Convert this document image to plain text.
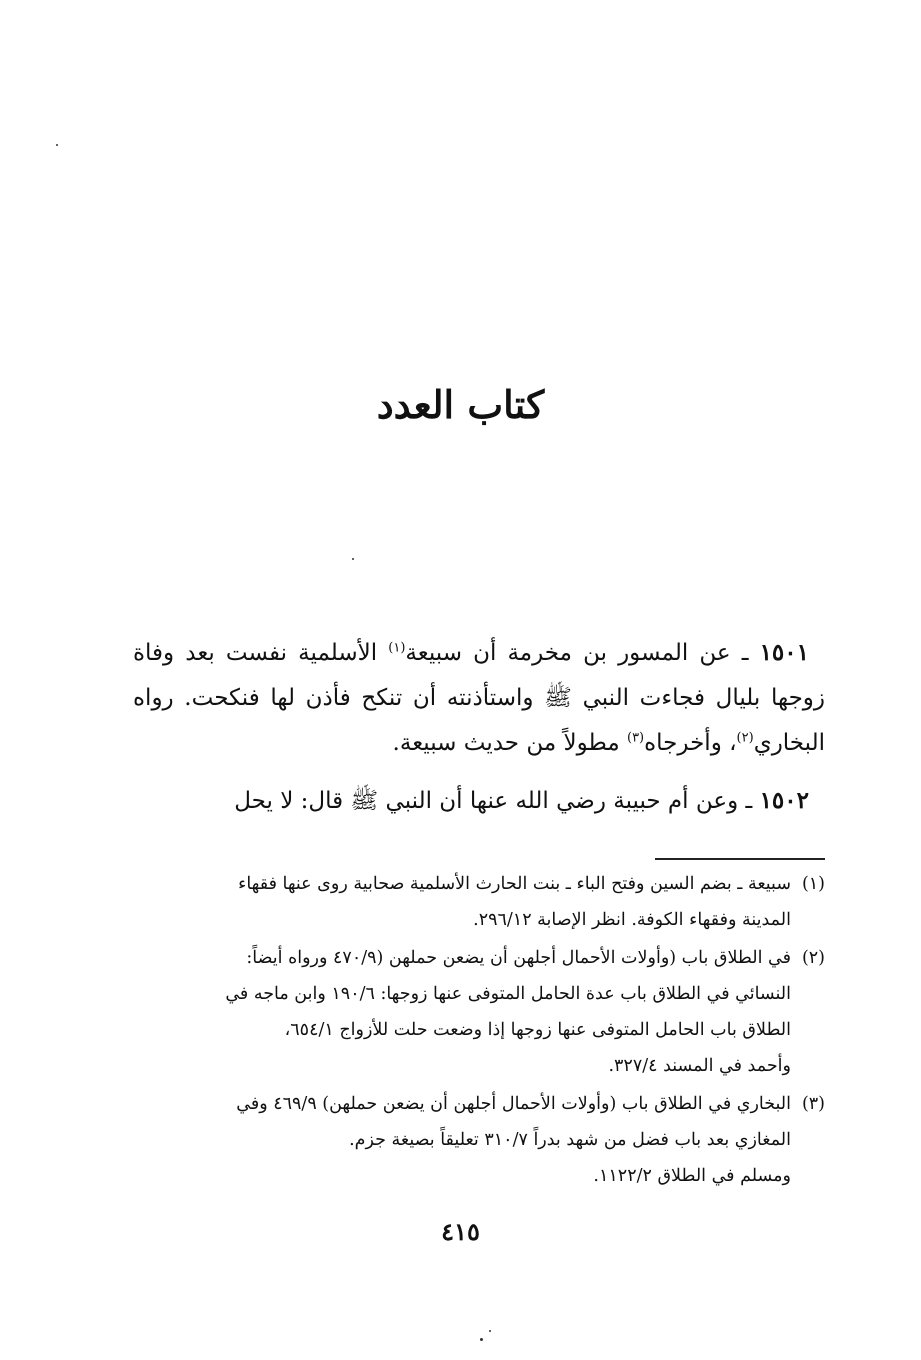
كتاب العدد

١٥٠١ ـ عن المسور بن مخرمة أن سبيعة$^{(١)}$ الأسلمية نفست بعد وفاة زوجها بليال فجاءت النبي ﷺ واستأذنته أن تنكح فأذن لها فنكحت. رواه البخاري$^{(٢)}$، وأخرجاه$^{(٣)}$ مطولاً من حديث سبيعة.

١٥٠٢ ـ وعن أم حبيبة رضي الله عنها أن النبي ﷺ قال: لا يحل

(١)
سبيعة ـ بضم السين وفتح الباء ـ بنت الحارث الأسلمية صحابية روى عنها فقهاء
المدينة وفقهاء الكوفة. انظر الإصابة ٢٩٦/١٢.
(٢)
في الطلاق باب (وأولات الأحمال أجلهن أن يضعن حملهن (٤٧٠/٩ ورواه أيضاً:
النسائي في الطلاق باب عدة الحامل المتوفى عنها زوجها: ١٩٠/٦ وابن ماجه في
الطلاق باب الحامل المتوفى عنها زوجها إذا وضعت حلت للأزواج ٦٥٤/١،
وأحمد في المسند ٣٢٧/٤.
(٣)
البخاري في الطلاق باب (وأولات الأحمال أجلهن أن يضعن حملهن) ٤٦٩/٩ وفي
المغازي بعد باب فضل من شهد بدراً ٣١٠/٧ تعليقاً بصيغة جزم.
ومسلم في الطلاق ١١٢٢/٢.
٤١٥
